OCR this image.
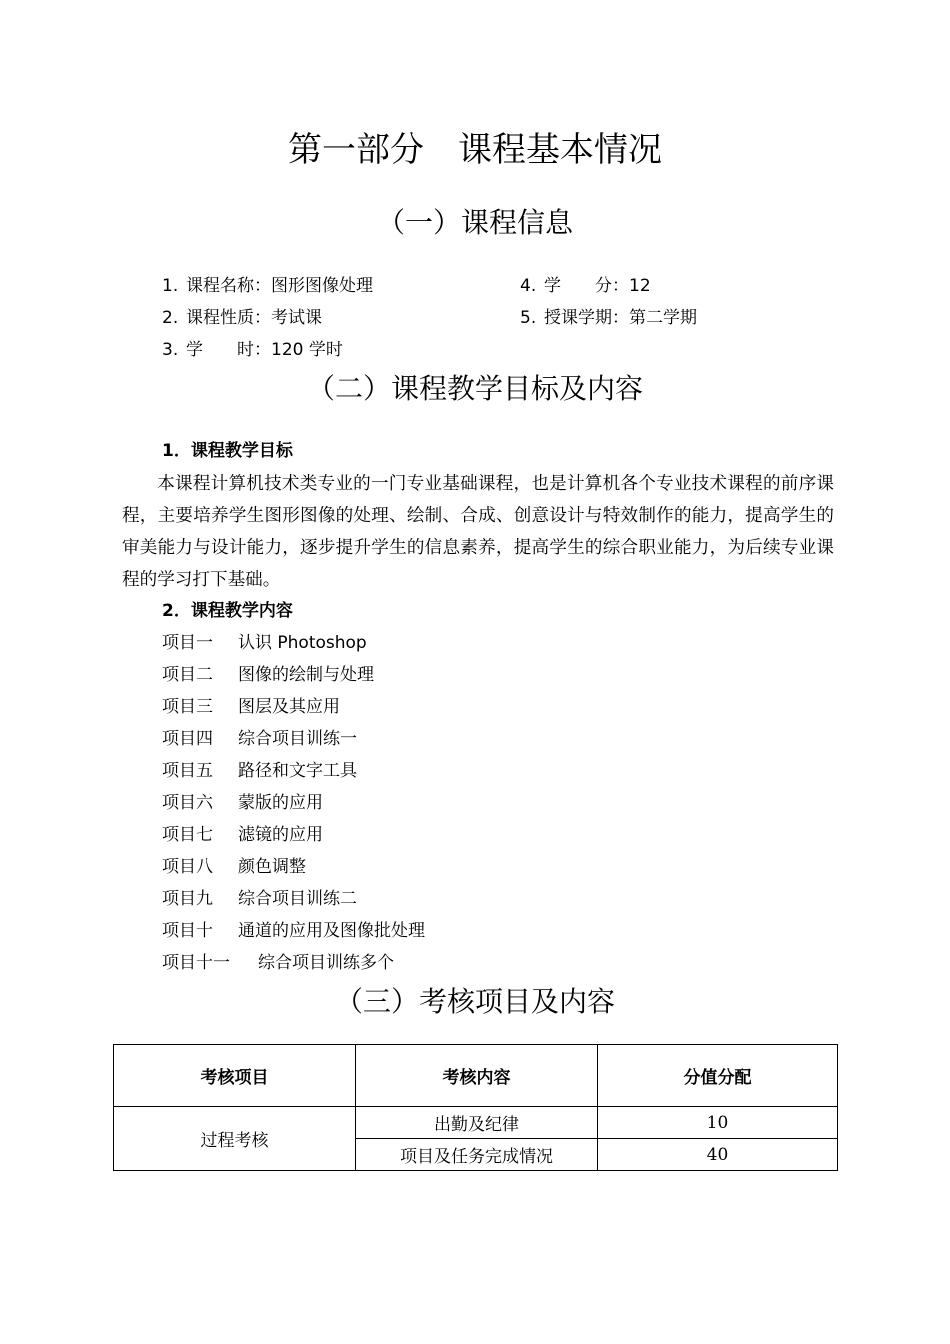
第一部分　课程基本情况
（一）课程信息
1. 课程名称：图形图像处理
2. 课程性质：考试课
3. 学　　时：120 学时
4. 学　　分：12
5. 授课学期：第二学期
（二）课程教学目标及内容
1．课程教学目标

本课程计算机技术类专业的一门专业基础课程，也是计算机各个专业技术课程的前序课程，主要培养学生图形图像的处理、绘制、合成、创意设计与特效制作的能力，提高学生的审美能力与设计能力，逐步提升学生的信息素养，提高学生的综合职业能力，为后续专业课程的学习打下基础。

2．课程教学内容
项目一 认识 Photoshop
项目二 图像的绘制与处理
项目三 图层及其应用
项目四 综合项目训练一
项目五 路径和文字工具
项目六 蒙版的应用
项目七 滤镜的应用
项目八 颜色调整
项目九 综合项目训练二
项目十 通道的应用及图像批处理
项目十一 综合项目训练多个
（三）考核项目及内容
考核项目	考核内容	分值分配
过程考核	出勤及纪律	10
	项目及任务完成情况	40
